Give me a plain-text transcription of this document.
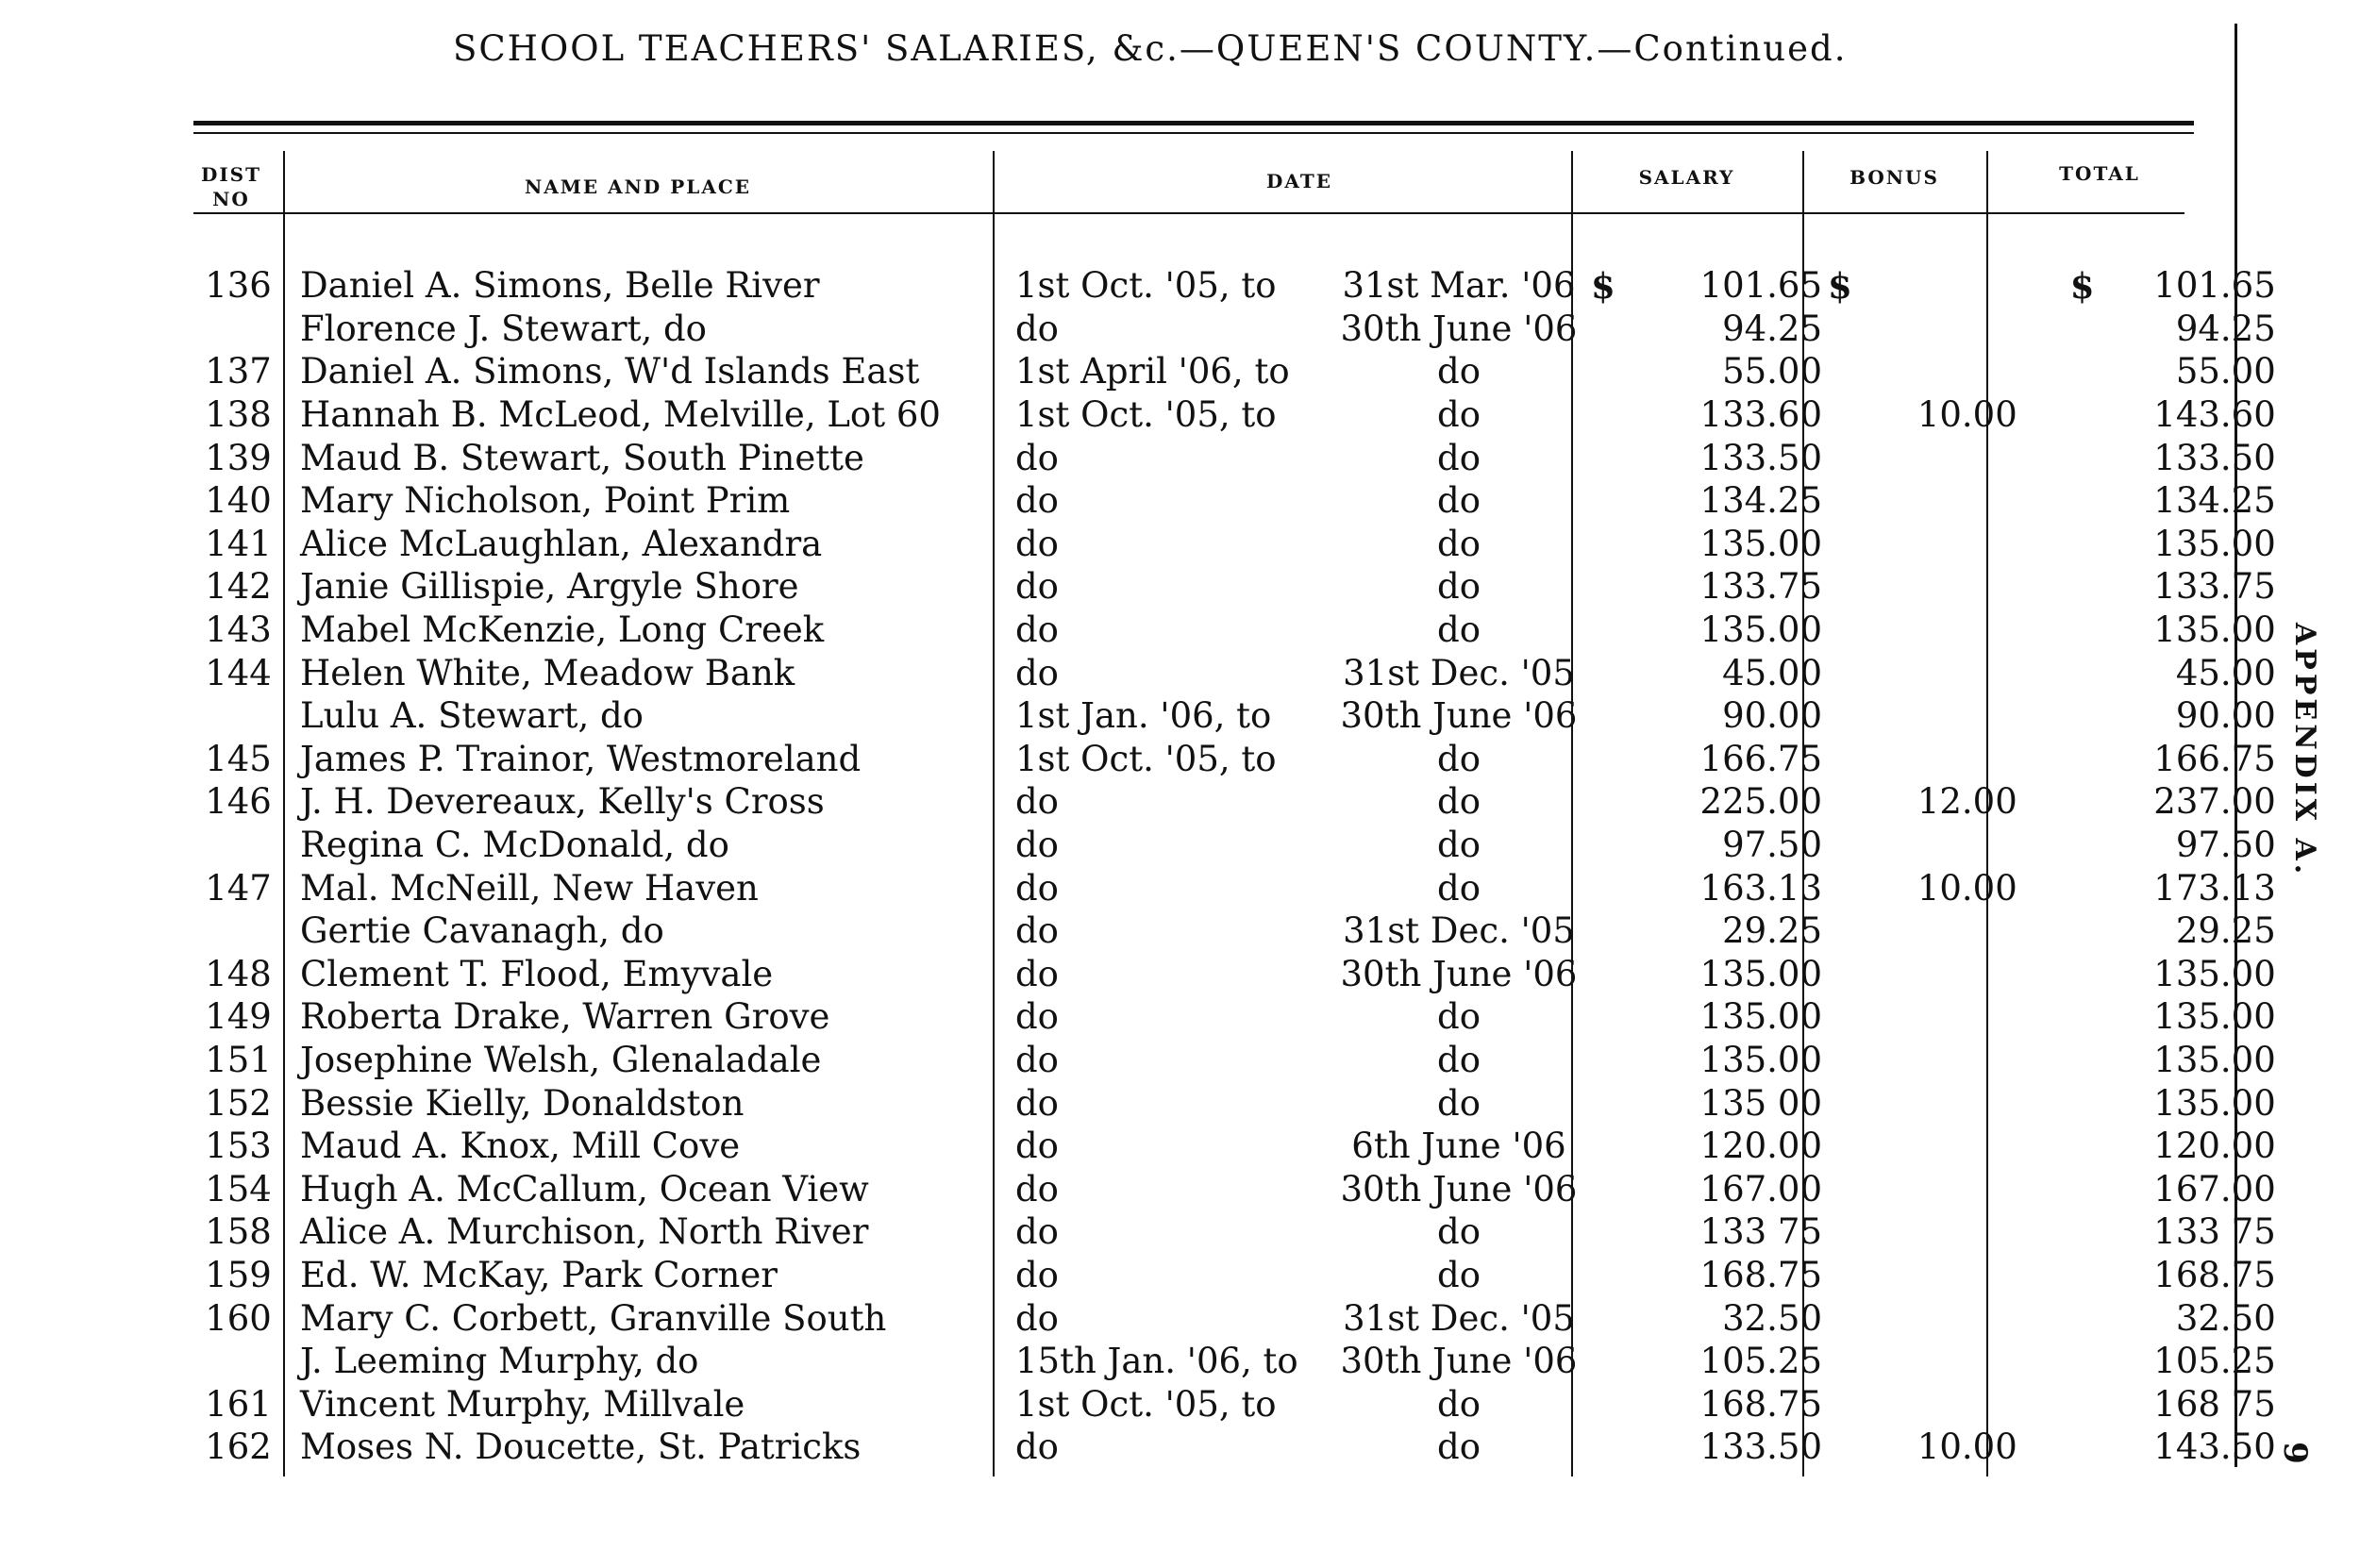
SCHOOL TEACHERS' SALARIES, &c.—QUEEN'S COUNTY.—Continued.
APPENDIX A.
9
DIST NO
NAME AND PLACE	DATE	SALARY	BONUS	TOTAL
136	Daniel A. Simons, Belle River	1st Oct. '05, to	31st Mar. '06	$	101.65	$		$	101.65
	Florence J. Stewart, do	do	30th June '06		94.25				94.25
137	Daniel A. Simons, W'd Islands East	1st April '06, to	do		55.00				55.00
138	Hannah B. McLeod, Melville, Lot 60	1st Oct. '05, to	do		133.60		10.00		143.60
139	Maud B. Stewart, South Pinette	do	do		133.50				133.50
140	Mary Nicholson, Point Prim	do	do		134.25				134.25
141	Alice McLaughlan, Alexandra	do	do		135.00				135.00
142	Janie Gillispie, Argyle Shore	do	do		133.75				133.75
143	Mabel McKenzie, Long Creek	do	do		135.00				135.00
144	Helen White, Meadow Bank	do	31st Dec. '05		45.00				45.00
	Lulu A. Stewart, do	1st Jan. '06, to	30th June '06		90.00				90.00
145	James P. Trainor, Westmoreland	1st Oct. '05, to	do		166.75				166.75
146	J. H. Devereaux, Kelly's Cross	do	do		225.00		12.00		237.00
	Regina C. McDonald, do	do	do		97.50				97.50
147	Mal. McNeill, New Haven	do	do		163.13		10.00		173.13
	Gertie Cavanagh, do	do	31st Dec. '05		29.25				29.25
148	Clement T. Flood, Emyvale	do	30th June '06		135.00				135.00
149	Roberta Drake, Warren Grove	do	do		135.00				135.00
151	Josephine Welsh, Glenaladale	do	do		135.00				135.00
152	Bessie Kielly, Donaldston	do	do		135 00				135.00
153	Maud A. Knox, Mill Cove	do	6th June '06		120.00				120.00
154	Hugh A. McCallum, Ocean View	do	30th June '06		167.00				167.00
158	Alice A. Murchison, North River	do	do		133 75				133 75
159	Ed. W. McKay, Park Corner	do	do		168.75				168.75
160	Mary C. Corbett, Granville South	do	31st Dec. '05		32.50				32.50
	J. Leeming Murphy, do	15th Jan. '06, to	30th June '06		105.25				105.25
161	Vincent Murphy, Millvale	1st Oct. '05, to	do		168.75				168 75
162	Moses N. Doucette, St. Patricks	do	do		133.50		10.00		143.50
